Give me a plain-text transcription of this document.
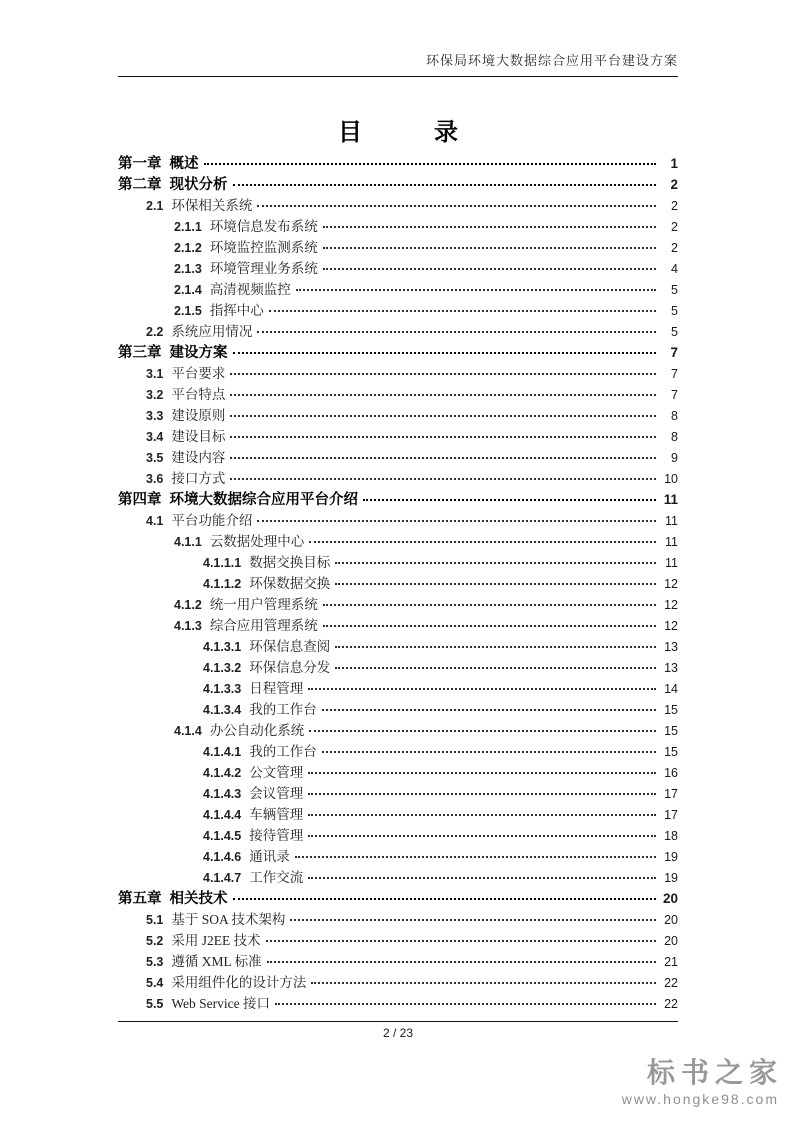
环保局环境大数据综合应用平台建设方案
目	录
第一章 概述	1
第二章 现状分析	2
2.1 环保相关系统	2
2.1.1 环境信息发布系统	2
2.1.2 环境监控监测系统	2
2.1.3 环境管理业务系统	4
2.1.4 高清视频监控	5
2.1.5 指挥中心	5
2.2 系统应用情况	5
第三章 建设方案	7
3.1 平台要求	7
3.2 平台特点	7
3.3 建设原则	8
3.4 建设目标	8
3.5 建设内容	9
3.6 接口方式	10
第四章 环境大数据综合应用平台介绍	11
4.1 平台功能介绍	11
4.1.1 云数据处理中心	11
4.1.1.1 数据交换目标	11
4.1.1.2 环保数据交换	12
4.1.2 统一用户管理系统	12
4.1.3 综合应用管理系统	12
4.1.3.1 环保信息查阅	13
4.1.3.2 环保信息分发	13
4.1.3.3 日程管理	14
4.1.3.4 我的工作台	15
4.1.4 办公自动化系统	15
4.1.4.1 我的工作台	15
4.1.4.2 公文管理	16
4.1.4.3 会议管理	17
4.1.4.4 车辆管理	17
4.1.4.5 接待管理	18
4.1.4.6 通讯录	19
4.1.4.7 工作交流	19
第五章 相关技术	20
5.1 基于 SOA 技术架构	20
5.2 采用 J2EE 技术	20
5.3 遵循 XML 标准	21
5.4 采用组件化的设计方法	22
5.5 Web Service 接口	22
2 / 23
标书之家
www.hongke98.com
